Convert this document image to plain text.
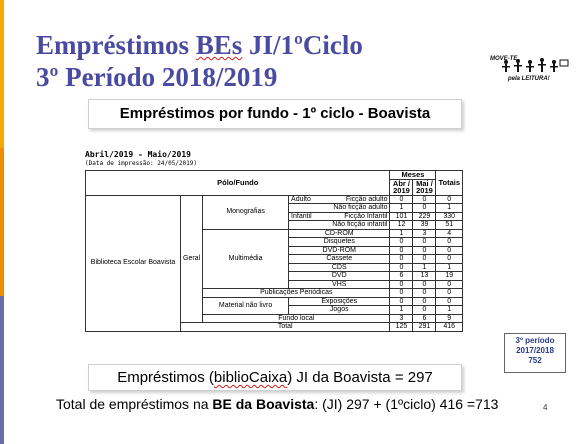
Empréstimos BEs JI/1ºCiclo
3º Período 2018/2019
MOVE-TE
pela LEITURA!
Empréstimos por fundo - 1º ciclo - Boavista
Abril/2019 - Maio/2019
(Data de impressão: 24/05/2019)
Pólo/Fundo				Meses		Totais
				Abr / 2019	Mai / 2019	
Biblioteca Escolar Boavista	Geral	Monografias	Adulto Ficção adulto	0	0	0
			Não ficção adulto	1	0	1
			Infantil Ficção Infantil	101	229	330
			Não ficção infantil	12	39	51
		Multimédia	CD-ROM	1	3	4
			Disquetes	0	0	0
			DVD-ROM	0	0	0
			Cassete	0	0	0
			CDS	0	1	1
			DVD	6	13	19
			VHS	0	0	0
		Publicações Periódicas		0	0	0
		Material não livro	Exposições	0	0	0
			Jogos	1	0	1
		Fundo local		3	6	9
	Total			125	291	416
3º período
2017/2018
752
Empréstimos (biblioCaixa) JI da Boavista = 297
Total de empréstimos na BE da Boavista: (JI) 297 + (1ºciclo) 416 =713	4
